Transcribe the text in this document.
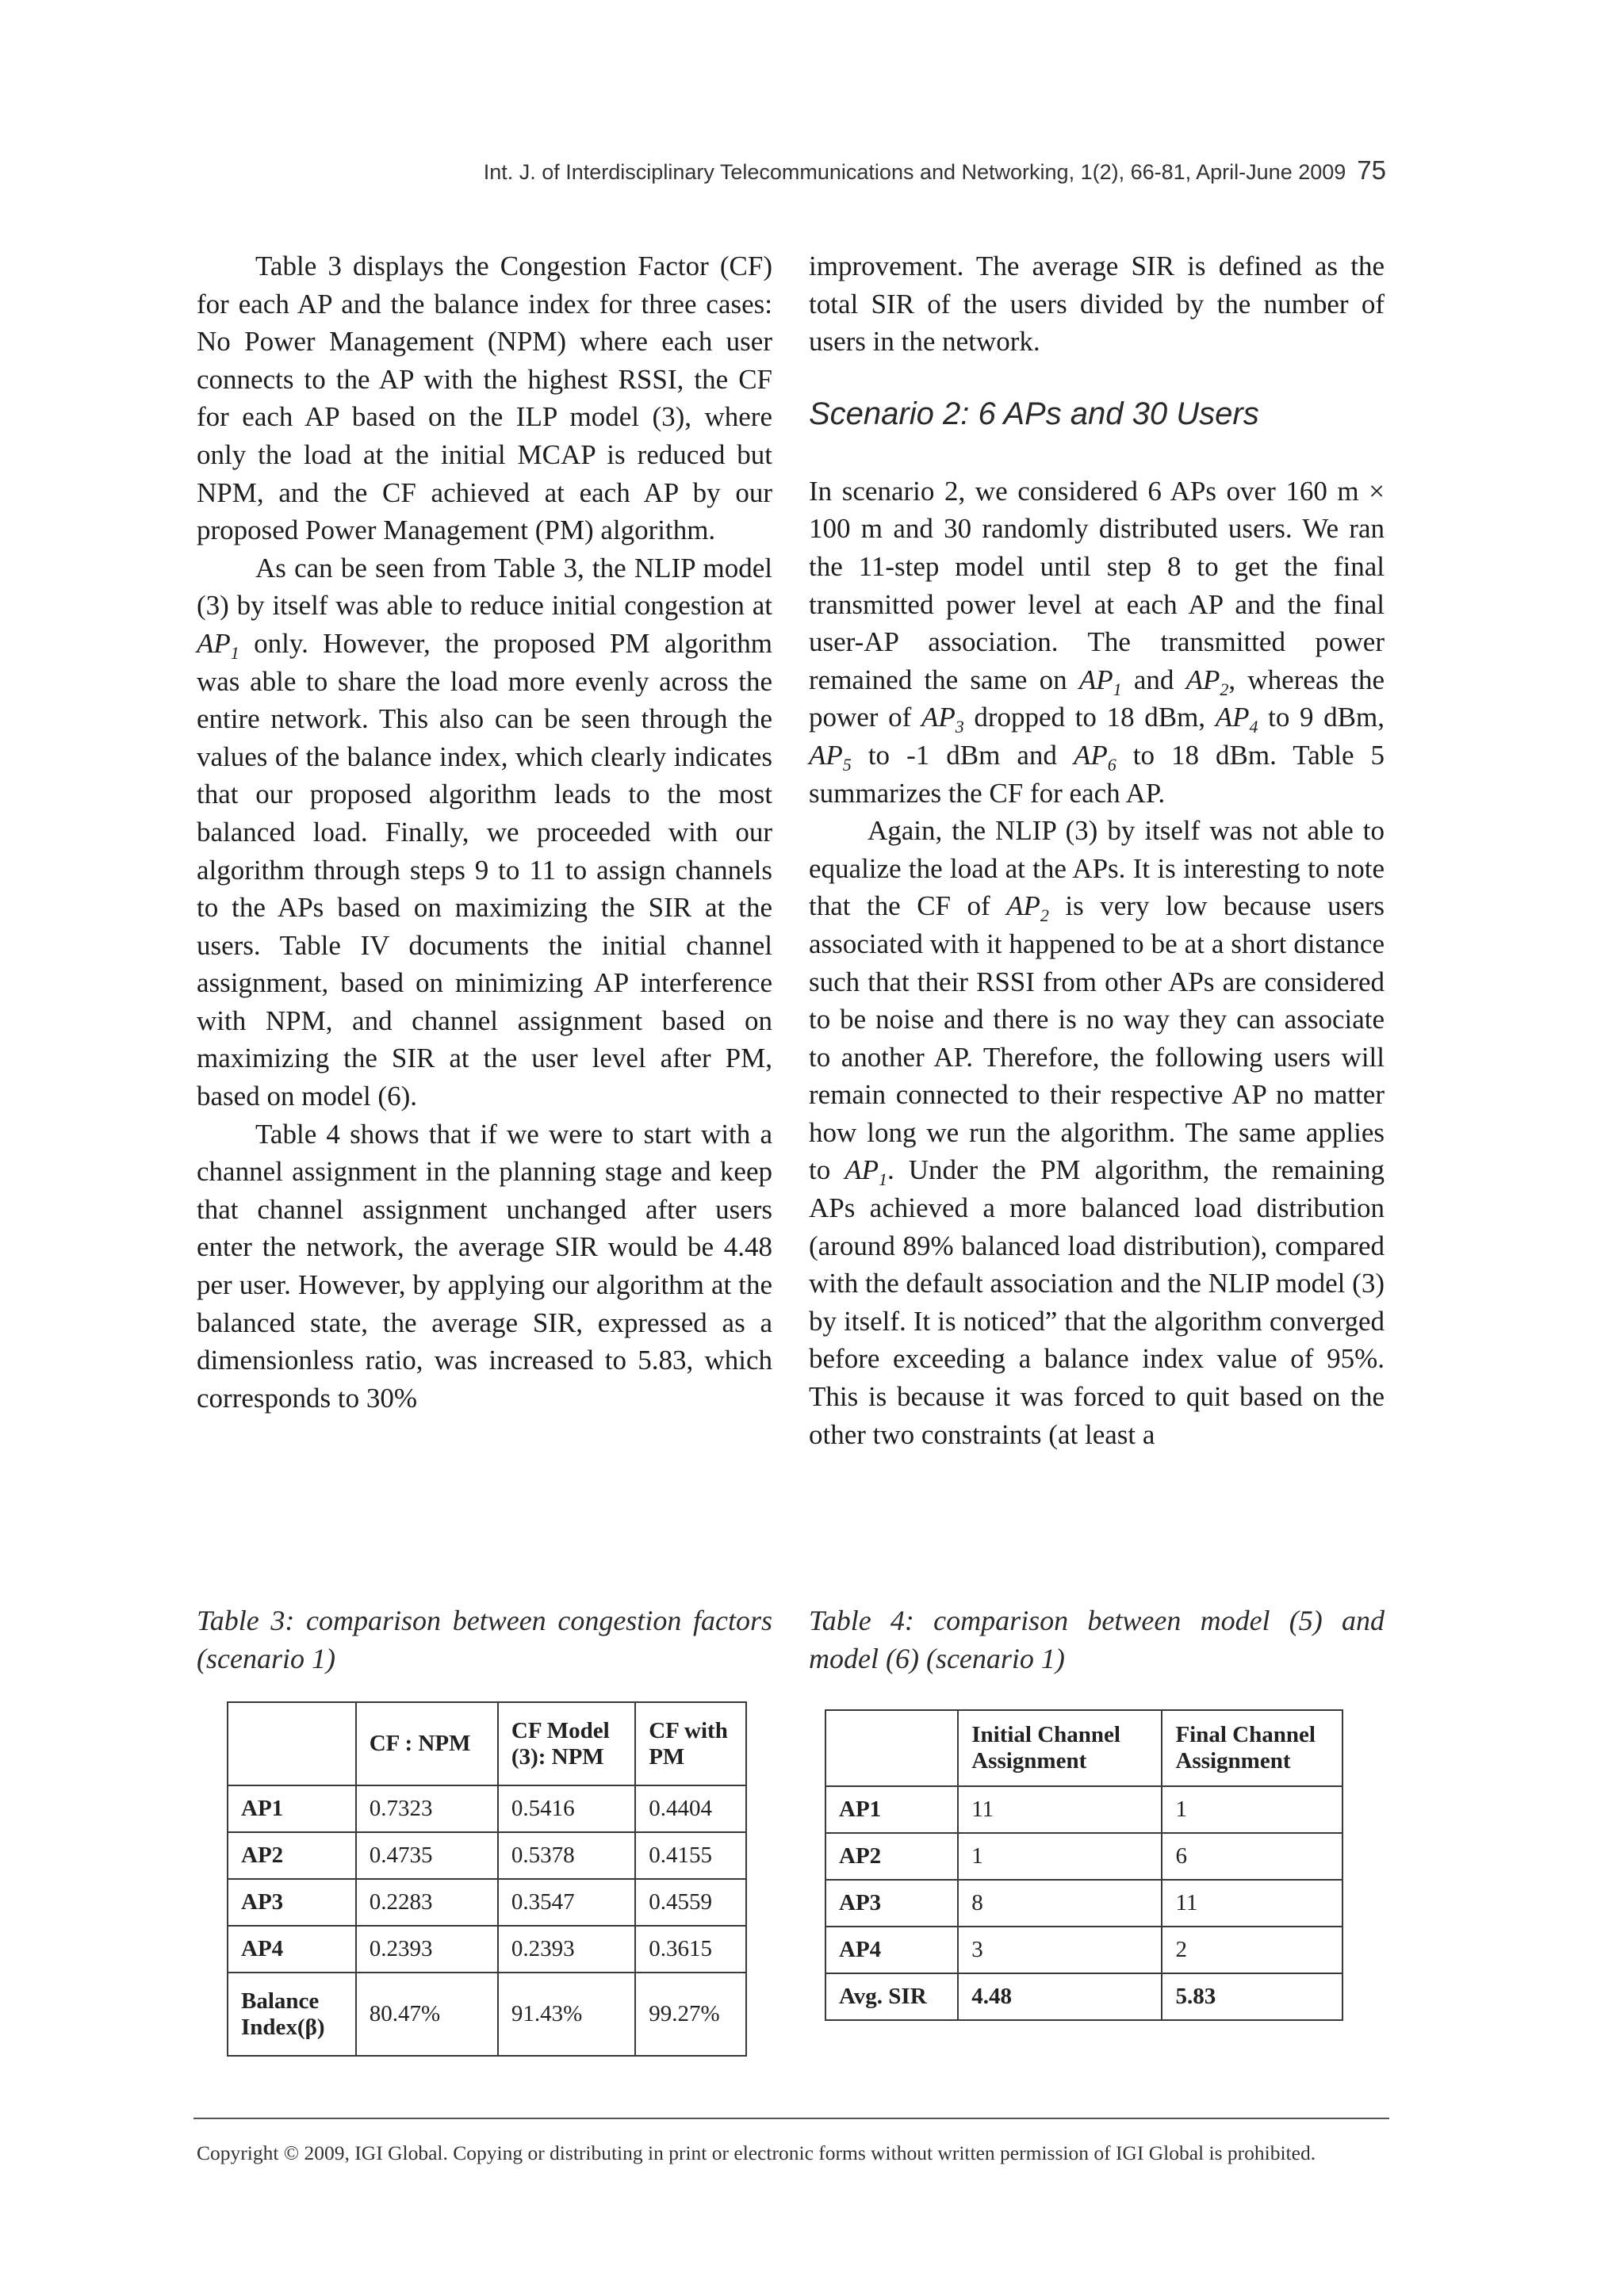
Int. J. of Interdisciplinary Telecommunications and Networking, 1(2), 66-81, April-June 2009 75

Table 3 displays the Congestion Factor (CF) for each AP and the balance index for three cases: No Power Management (NPM) where each user connects to the AP with the highest RSSI, the CF for each AP based on the ILP model (3), where only the load at the initial MCAP is reduced but NPM, and the CF achieved at each AP by our proposed Power Management (PM) algorithm.

As can be seen from Table 3, the NLIP model (3) by itself was able to reduce initial congestion at $AP_1$ only. However, the proposed PM algorithm was able to share the load more evenly across the entire network. This also can be seen through the values of the balance index, which clearly indicates that our proposed algorithm leads to the most balanced load. Finally, we proceeded with our algorithm through steps 9 to 11 to assign channels to the APs based on maximizing the SIR at the users. Table IV documents the initial channel assignment, based on minimizing AP interference with NPM, and channel assignment based on maximizing the SIR at the user level after PM, based on model (6).

Table 4 shows that if we were to start with a channel assignment in the planning stage and keep that channel assignment unchanged after users enter the network, the average SIR would be 4.48 per user. However, by applying our algorithm at the balanced state, the average SIR, expressed as a dimensionless ratio, was increased to 5.83, which corresponds to 30%

improvement. The average SIR is defined as the total SIR of the users divided by the number of users in the network.

Scenario 2: 6 APs and 30 Users

In scenario 2, we considered 6 APs over 160 m × 100 m and 30 randomly distributed users. We ran the 11-step model until step 8 to get the final transmitted power level at each AP and the final user-AP association. The transmitted power remained the same on $AP_1$ and $AP_2$, whereas the power of $AP_3$ dropped to 18 dBm, $AP_4$ to 9 dBm, $AP_5$ to -1 dBm and $AP_6$ to 18 dBm. Table 5 summarizes the CF for each AP.

Again, the NLIP (3) by itself was not able to equalize the load at the APs. It is interesting to note that the CF of $AP_2$ is very low because users associated with it happened to be at a short distance such that their RSSI from other APs are considered to be noise and there is no way they can associate to another AP. Therefore, the following users will remain connected to their respective AP no matter how long we run the algorithm. The same applies to $AP_1$. Under the PM algorithm, the remaining APs achieved a more balanced load distribution (around 89% balanced load distribution), compared with the default association and the NLIP model (3) by itself. It is noticed” that the algorithm converged before exceeding a balance index value of 95%. This is because it was forced to quit based on the other two constraints (at least a

Table 3: comparison between congestion factors (scenario 1)
Table 4: comparison between model (5) and model (6) (scenario 1)
	CF : NPM	CF Model (3): NPM	CF with PM
AP1	0.7323	0.5416	0.4404
AP2	0.4735	0.5378	0.4155
AP3	0.2283	0.3547	0.4559
AP4	0.2393	0.2393	0.3615
Balance Index(β)	80.47%	91.43%	99.27%
	Initial Channel Assignment	Final Channel Assignment
AP1	11	1
AP2	1	6
AP3	8	11
AP4	3	2
Avg. SIR	4.48	5.83
Copyright © 2009, IGI Global. Copying or distributing in print or electronic forms without written permission of IGI Global is prohibited.
